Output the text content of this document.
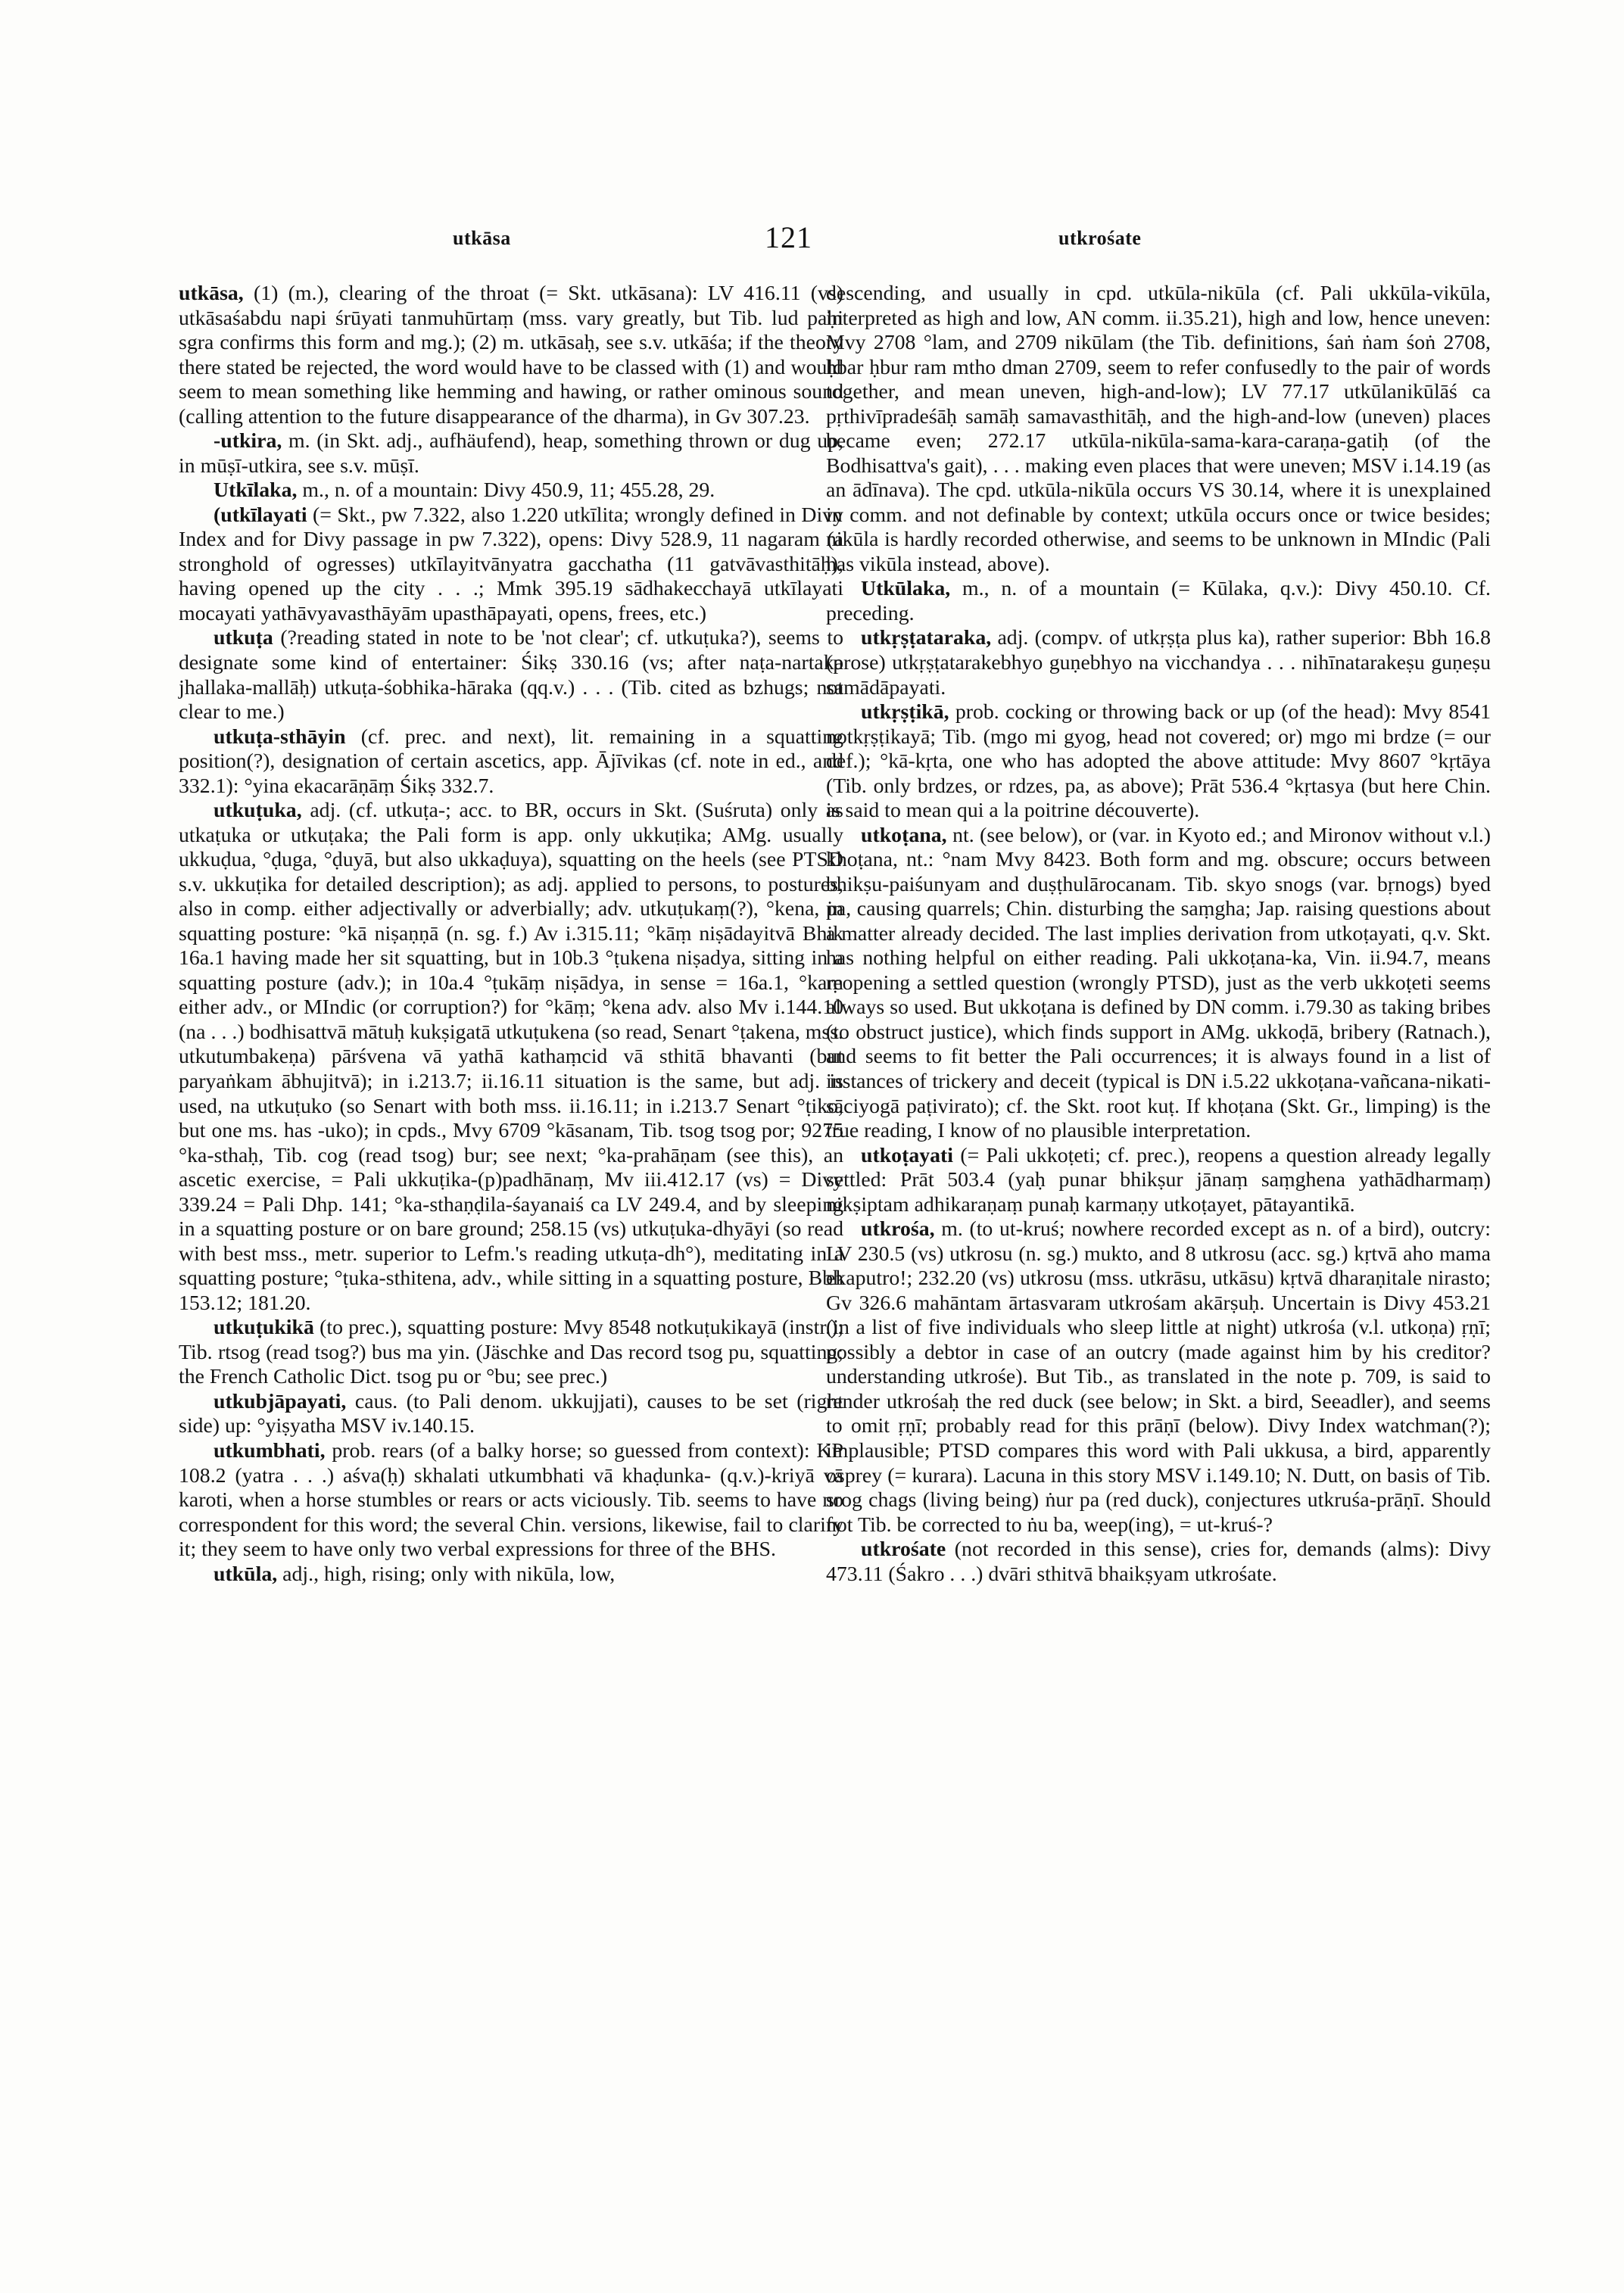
utkāsa	121	utkrośate

utkāsa, (1) (m.), clearing of the throat (= Skt. utkāsana): LV 416.11 (vs) utkāsaśabdu napi śrūyati tanmuhūrtaṃ (mss. vary greatly, but Tib. lud paḥi sgra confirms this form and mg.); (2) m. utkāsaḥ, see s.v. utkāśa; if the theory there stated be rejected, the word would have to be classed with (1) and would seem to mean something like hemming and hawing, or rather ominous sound (calling attention to the future disappearance of the dharma), in Gv 307.23.

-utkira, m. (in Skt. adj., aufhäufend), heap, something thrown or dug up, in mūṣī-utkira, see s.v. mūṣī.

Utkīlaka, m., n. of a mountain: Divy 450.9, 11; 455.28, 29.

(utkīlayati (= Skt., pw 7.322, also 1.220 utkīlita; wrongly defined in Divy Index and for Divy passage in pw 7.322), opens: Divy 528.9, 11 nagaram (a stronghold of ogresses) utkīlayitvānyatra gacchatha (11 gatvāvasthitāḥ), having opened up the city . . .; Mmk 395.19 sādhakecchayā utkīlayati mocayati yathāvyavasthāyām upasthāpayati, opens, frees, etc.)

utkuṭa (?reading stated in note to be 'not clear'; cf. utkuṭuka?), seems to designate some kind of entertainer: Śikṣ 330.16 (vs; after naṭa-nartaka jhallaka-mallāḥ) utkuṭa-śobhika-hāraka (qq.v.) . . . (Tib. cited as bzhugs; not clear to me.)

utkuṭa-sthāyin (cf. prec. and next), lit. remaining in a squatting position(?), designation of certain ascetics, app. Ājīvikas (cf. note in ed., and 332.1): °yina ekacarāṇāṃ Śikṣ 332.7.

utkuṭuka, adj. (cf. utkuṭa-; acc. to BR, occurs in Skt. (Suśruta) only as utkaṭuka or utkuṭaka; the Pali form is app. only ukkuṭika; AMg. usually ukkuḍua, °ḍuga, °ḍuyā, but also ukkaḍuya), squatting on the heels (see PTSD s.v. ukkuṭika for detailed description); as adj. applied to persons, to postures, also in comp. either adjectivally or adverbially; adv. utkuṭukaṃ(?), °kena, in squatting posture: °kā niṣaṇṇā (n. sg. f.) Av i.315.11; °kāṃ niṣādayitvā Bhik 16a.1 having made her sit squatting, but in 10b.3 °ṭukena niṣadya, sitting in a squatting posture (adv.); in 10a.4 °ṭukāṃ niṣādya, in sense = 16a.1, °kaṃ either adv., or MIndic (or corruption?) for °kāṃ; °kena adv. also Mv i.144.10 (na . . .) bodhisattvā mātuḥ kukṣigatā utkuṭukena (so read, Senart °ṭakena, mss. utkutumbakeṇa) pārśvena vā yathā kathaṃcid vā sthitā bhavanti (but paryaṅkam ābhujitvā); in i.213.7; ii.16.11 situation is the same, but adj. is used, na utkuṭuko (so Senart with both mss. ii.16.11; in i.213.7 Senart °ṭiko, but one ms. has -uko); in cpds., Mvy 6709 °kāsanam, Tib. tsog tsog por; 9275 °ka-sthaḥ, Tib. cog (read tsog) bur; see next; °ka-prahāṇam (see this), an ascetic exercise, = Pali ukkuṭika-(p)padhānaṃ, Mv iii.412.17 (vs) = Divy 339.24 = Pali Dhp. 141; °ka-sthaṇḍila-śayanaiś ca LV 249.4, and by sleeping in a squatting posture or on bare ground; 258.15 (vs) utkuṭuka-dhyāyi (so read with best mss., metr. superior to Lefm.'s reading utkuṭa-dh°), meditating in a squatting posture; °ṭuka-sthitena, adv., while sitting in a squatting posture, Bbh 153.12; 181.20.

utkuṭukikā (to prec.), squatting posture: Mvy 8548 notkuṭukikayā (instr.); Tib. rtsog (read tsog?) bus ma yin. (Jäschke and Das record tsog pu, squatting; the French Catholic Dict. tsog pu or °bu; see prec.)

utkubjāpayati, caus. (to Pali denom. ukkujjati), causes to be set (right side) up: °yiṣyatha MSV iv.140.15.

utkumbhati, prob. rears (of a balky horse; so guessed from context): KP 108.2 (yatra . . .) aśva(ḥ) skhalati utkumbhati vā khaḍunka- (q.v.)-kriyā vā karoti, when a horse stumbles or rears or acts viciously. Tib. seems to have no correspondent for this word; the several Chin. versions, likewise, fail to clarify it; they seem to have only two verbal expressions for three of the BHS.

utkūla, adj., high, rising; only with nikūla, low,

descending, and usually in cpd. utkūla-nikūla (cf. Pali ukkūla-vikūla, interpreted as high and low, AN comm. ii.35.21), high and low, hence uneven: Mvy 2708 °lam, and 2709 nikūlam (the Tib. definitions, śaṅ ṅam śoṅ 2708, ḥbar ḥbur ram mtho dman 2709, seem to refer confusedly to the pair of words together, and mean uneven, high-and-low); LV 77.17 utkūlanikūlāś ca pṛthivīpradeśāḥ samāḥ samavasthitāḥ, and the high-and-low (uneven) places became even; 272.17 utkūla-nikūla-sama-kara-caraṇa-gatiḥ (of the Bodhisattva's gait), . . . making even places that were uneven; MSV i.14.19 (as an ādīnava). The cpd. utkūla-nikūla occurs VS 30.14, where it is unexplained in comm. and not definable by context; utkūla occurs once or twice besides; nikūla is hardly recorded otherwise, and seems to be unknown in MIndic (Pali has vikūla instead, above).

Utkūlaka, m., n. of a mountain (= Kūlaka, q.v.): Divy 450.10. Cf. preceding.

utkṛṣṭataraka, adj. (compv. of utkṛṣṭa plus ka), rather superior: Bbh 16.8 (prose) utkṛṣṭatarakebhyo guṇebhyo na vicchandya . . . nihīnatarakeṣu guṇeṣu samādāpayati.

utkṛṣṭikā, prob. cocking or throwing back or up (of the head): Mvy 8541 notkṛṣṭikayā; Tib. (mgo mi gyog, head not covered; or) mgo mi brdze (= our def.); °kā-kṛta, one who has adopted the above attitude: Mvy 8607 °kṛtāya (Tib. only brdzes, or rdzes, pa, as above); Prāt 536.4 °kṛtasya (but here Chin. is said to mean qui a la poitrine découverte).

utkoṭana, nt. (see below), or (var. in Kyoto ed.; and Mironov without v.l.) khoṭana, nt.: °nam Mvy 8423. Both form and mg. obscure; occurs between bhikṣu-paiśunyam and duṣṭhulārocanam. Tib. skyo snogs (var. bṛnogs) byed pa, causing quarrels; Chin. disturbing the saṃgha; Jap. raising questions about a matter already decided. The last implies derivation from utkoṭayati, q.v. Skt. has nothing helpful on either reading. Pali ukkoṭana-ka, Vin. ii.94.7, means reopening a settled question (wrongly PTSD), just as the verb ukkoṭeti seems always so used. But ukkoṭana is defined by DN comm. i.79.30 as taking bribes (to obstruct justice), which finds support in AMg. ukkoḍā, bribery (Ratnach.), and seems to fit better the Pali occurrences; it is always found in a list of instances of trickery and deceit (typical is DN i.5.22 ukkoṭana-vañcana-nikati-sāciyogā paṭivirato); cf. the Skt. root kuṭ. If khoṭana (Skt. Gr., limping) is the true reading, I know of no plausible interpretation.

utkoṭayati (= Pali ukkoṭeti; cf. prec.), reopens a question already legally settled: Prāt 503.4 (yaḥ punar bhikṣur jānaṃ saṃghena yathādharmaṃ) nikṣiptam adhikaraṇaṃ punaḥ karmaṇy utkoṭayet, pātayantikā.

utkrośa, m. (to ut-kruś; nowhere recorded except as n. of a bird), outcry: LV 230.5 (vs) utkrosu (n. sg.) mukto, and 8 utkrosu (acc. sg.) kṛtvā aho mama ekaputro!; 232.20 (vs) utkrosu (mss. utkrāsu, utkāsu) kṛtvā dharaṇitale nirasto; Gv 326.6 mahāntam ārtasvaram utkrośam akārṣuḥ. Uncertain is Divy 453.21 (in a list of five individuals who sleep little at night) utkrośa (v.l. utkoṇa) ṛṇī; possibly a debtor in case of an outcry (made against him by his creditor? understanding utkrośe). But Tib., as translated in the note p. 709, is said to render utkrośaḥ the red duck (see below; in Skt. a bird, Seeadler), and seems to omit ṛṇī; probably read for this prāṇī (below). Divy Index watchman(?); implausible; PTSD compares this word with Pali ukkusa, a bird, apparently osprey (= kurara). Lacuna in this story MSV i.149.10; N. Dutt, on basis of Tib. srog chags (living being) ṅur pa (red duck), conjectures utkruśa-prāṇī. Should not Tib. be corrected to ṅu ba, weep(ing), = ut-kruś-?

utkrośate (not recorded in this sense), cries for, demands (alms): Divy 473.11 (Śakro . . .) dvāri sthitvā bhaikṣyam utkrośate.
